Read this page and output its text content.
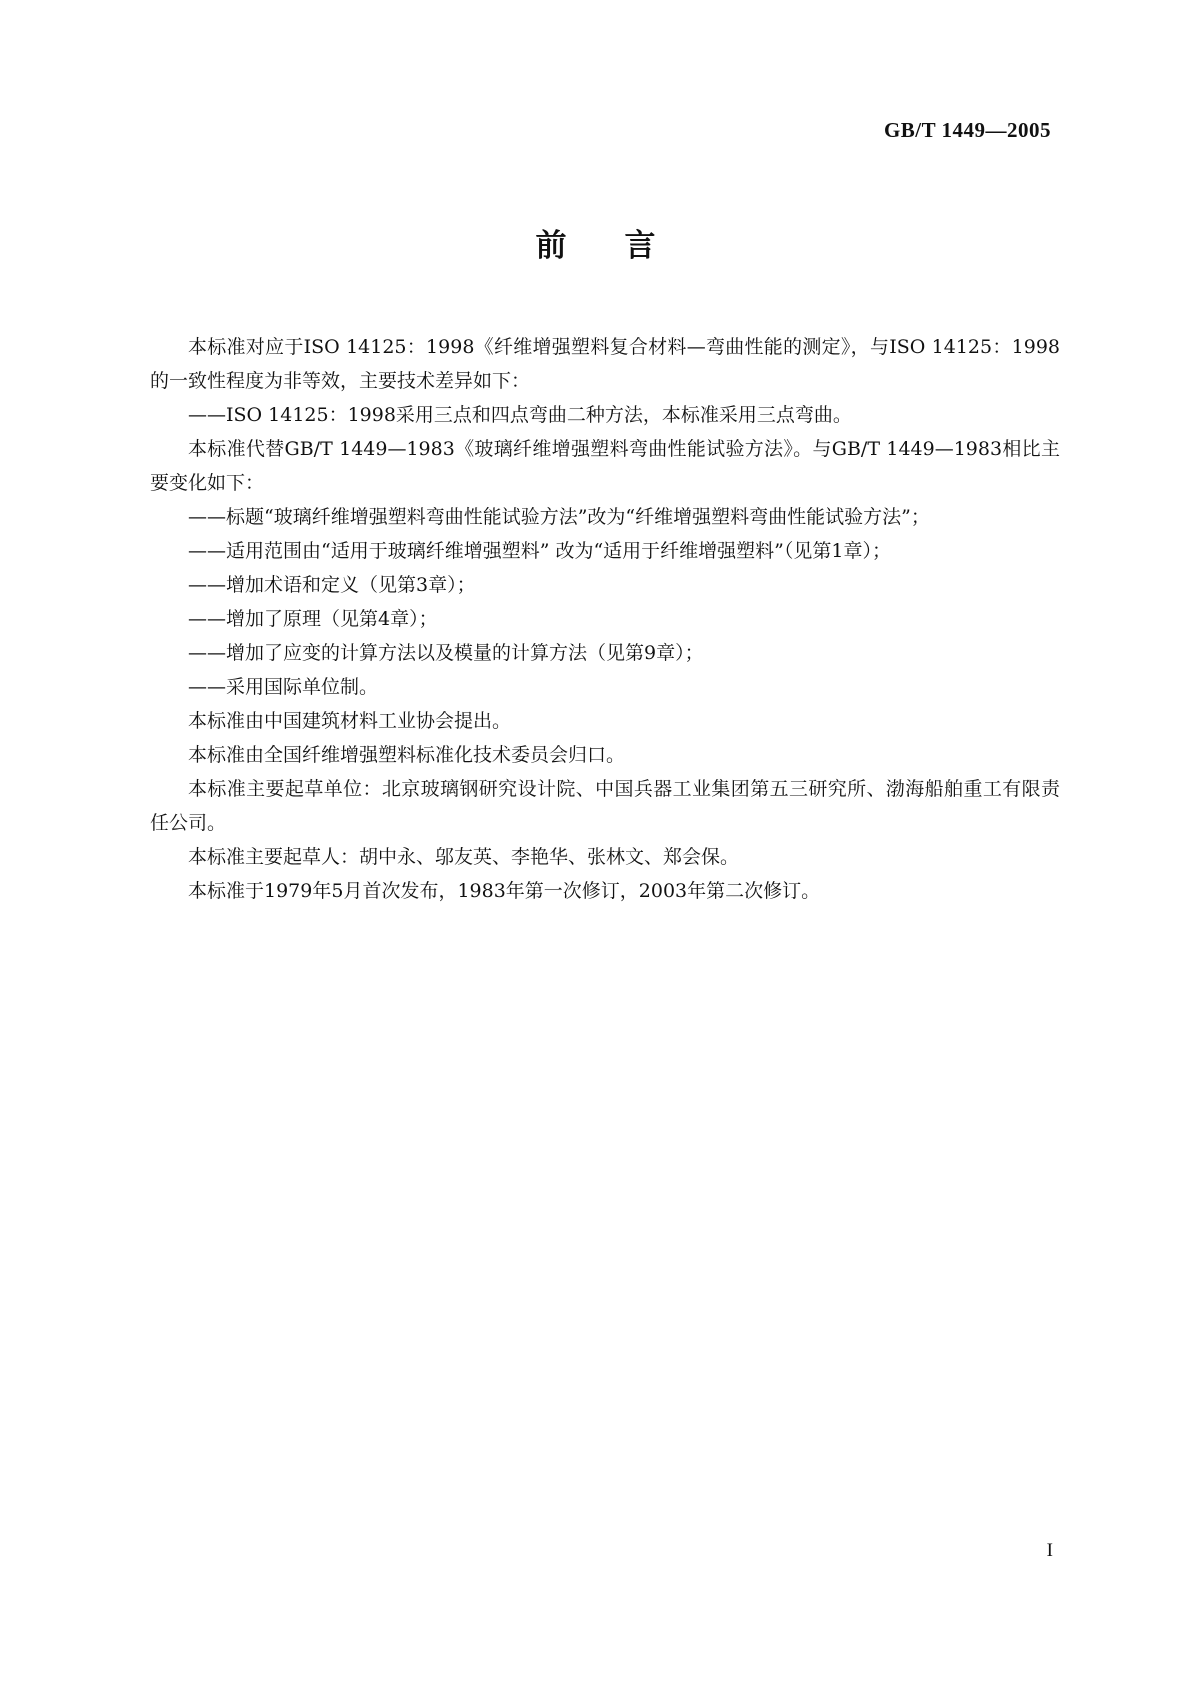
GB/T 1449—2005
前言

本标准对应于ISO 14125：1998《纤维增强塑料复合材料—弯曲性能的测定》，与ISO 14125：1998的一致性程度为非等效，主要技术差异如下：

——ISO 14125：1998采用三点和四点弯曲二种方法，本标准采用三点弯曲。

本标准代替GB/T 1449—1983《玻璃纤维增强塑料弯曲性能试验方法》。与GB/T 1449—1983相比主要变化如下：

——标题“玻璃纤维增强塑料弯曲性能试验方法”改为“纤维增强塑料弯曲性能试验方法”；

——适用范围由“适用于玻璃纤维增强塑料” 改为“适用于纤维增强塑料”（见第1章）；

——增加术语和定义（见第3章）；

——增加了原理（见第4章）；

——增加了应变的计算方法以及模量的计算方法（见第9章）；

——采用国际单位制。

本标准由中国建筑材料工业协会提出。

本标准由全国纤维增强塑料标准化技术委员会归口。

本标准主要起草单位：北京玻璃钢研究设计院、中国兵器工业集团第五三研究所、渤海船舶重工有限责任公司。

本标准主要起草人：胡中永、邬友英、李艳华、张林文、郑会保。

本标准于1979年5月首次发布，1983年第一次修订，2003年第二次修订。

I
